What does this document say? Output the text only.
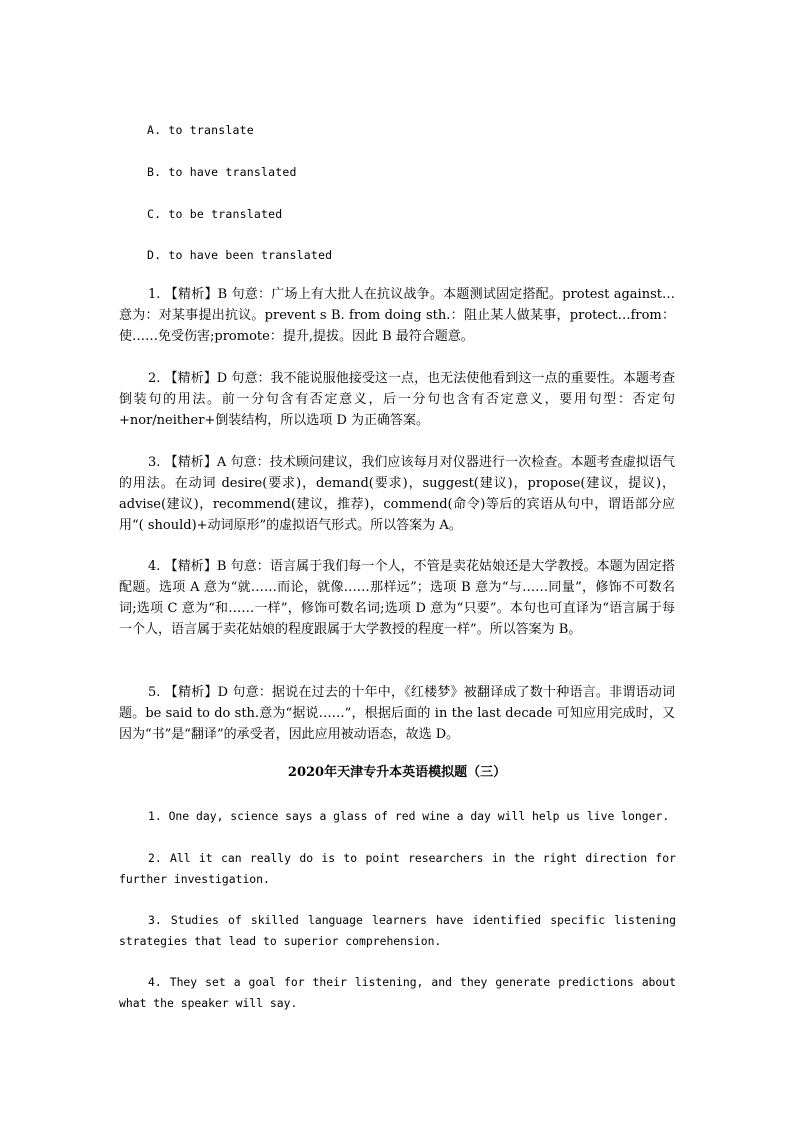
A. to translate
B. to have translated
C. to be translated
D. to have been translated
1. 【精析】B 句意：广场上有大批人在抗议战争。本题测试固定搭配。protest against…意为：对某事提出抗议。prevent s B. from doing sth.：阻止某人做某事，protect…from：使……免受伤害;promote：提升,提拔。因此 B 最符合题意。
2. 【精析】D 句意：我不能说服他接受这一点，也无法使他看到这一点的重要性。本题考查倒装句的用法。前一分句含有否定意义，后一分句也含有否定意义，要用句型：否定句+nor/neither+倒装结构，所以选项 D 为正确答案。
3. 【精析】A 句意：技术顾问建议，我们应该每月对仪器进行一次检查。本题考查虚拟语气的用法。在动词 desire(要求)，demand(要求)，suggest(建议)，propose(建议，提议)，advise(建议)，recommend(建议，推荐)，commend(命令)等后的宾语从句中，谓语部分应用“( should)+动词原形”的虚拟语气形式。所以答案为 A。
4. 【精析】B 句意：语言属于我们每一个人，不管是卖花姑娘还是大学教授。本题为固定搭配题。选项 A 意为“就……而论，就像……那样远”；选项 B 意为“与……同量”，修饰不可数名词;选项 C 意为“和……一样”，修饰可数名词;选项 D 意为“只要”。本句也可直译为“语言属于每一个人，语言属于卖花姑娘的程度跟属于大学教授的程度一样”。所以答案为 B。
5. 【精析】D 句意：据说在过去的十年中，《红楼梦》被翻译成了数十种语言。非谓语动词题。be said to do sth.意为“据说……”，根据后面的 in the last decade 可知应用完成时，又因为“书”是“翻译”的承受者，因此应用被动语态，故选 D。
2020年天津专升本英语模拟题（三）
1. One day, science says a glass of red wine a day will help us live longer.
2. All it can really do is to point researchers in the right direction for further investigation.
3. Studies of skilled language learners have identified specific listening strategies that lead to superior comprehension.
4. They set a goal for their listening, and they generate predictions about what the speaker will say.
